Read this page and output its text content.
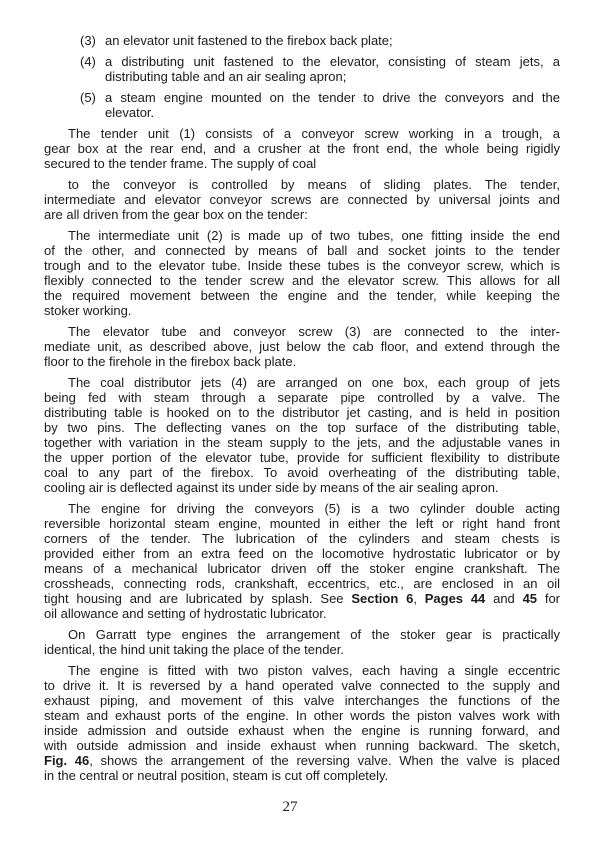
(3) an elevator unit fastened to the firebox back plate;
(4) a distributing unit fastened to the elevator, consisting of steam jets, a
distributing table and an air sealing apron;
(5) a steam engine mounted on the tender to drive the conveyors and the
elevator.
The tender unit (1) consists of a conveyor screw working in a trough, a
gear box at the rear end, and a crusher at the front end, the whole being rigidly
secured to the tender frame. The supply of coal
to the conveyor is controlled by means of sliding plates. The tender,
intermediate and elevator conveyor screws are connected by universal joints and
are all driven from the gear box on the tender:
The intermediate unit (2) is made up of two tubes, one fitting inside the end
of the other, and connected by means of ball and socket joints to the tender
trough and to the elevator tube. Inside these tubes is the conveyor screw, which is
flexibly connected to the tender screw and the elevator screw. This allows for all
the required movement between the engine and the tender, while keeping the
stoker working.
The elevator tube and conveyor screw (3) are connected to the inter-
mediate unit, as described above, just below the cab floor, and extend through the
floor to the firehole in the firebox back plate.
The coal distributor jets (4) are arranged on one box, each group of jets
being fed with steam through a separate pipe controlled by a valve. The
distributing table is hooked on to the distributor jet casting, and is held in position
by two pins. The deflecting vanes on the top surface of the distributing table,
together with variation in the steam supply to the jets, and the adjustable vanes in
the upper portion of the elevator tube, provide for sufficient flexibility to distribute
coal to any part of the firebox. To avoid overheating of the distributing table,
cooling air is deflected against its under side by means of the air sealing apron.
The engine for driving the conveyors (5) is a two cylinder double acting
reversible horizontal steam engine, mounted in either the left or right hand front
corners of the tender. The lubrication of the cylinders and steam chests is
provided either from an extra feed on the locomotive hydrostatic lubricator or by
means of a mechanical lubricator driven off the stoker engine crankshaft. The
crossheads, connecting rods, crankshaft, eccentrics, etc., are enclosed in an oil
tight housing and are lubricated by splash. See Section 6, Pages 44 and 45 for
oil allowance and setting of hydrostatic lubricator.
On Garratt type engines the arrangement of the stoker gear is practically
identical, the hind unit taking the place of the tender.
The engine is fitted with two piston valves, each having a single eccentric
to drive it. It is reversed by a hand operated valve connected to the supply and
exhaust piping, and movement of this valve interchanges the functions of the
steam and exhaust ports of the engine. In other words the piston valves work with
inside admission and outside exhaust when the engine is running forward, and
with outside admission and inside exhaust when running backward. The sketch,
Fig. 46, shows the arrangement of the reversing valve. When the valve is placed
in the central or neutral position, steam is cut off completely.
27
